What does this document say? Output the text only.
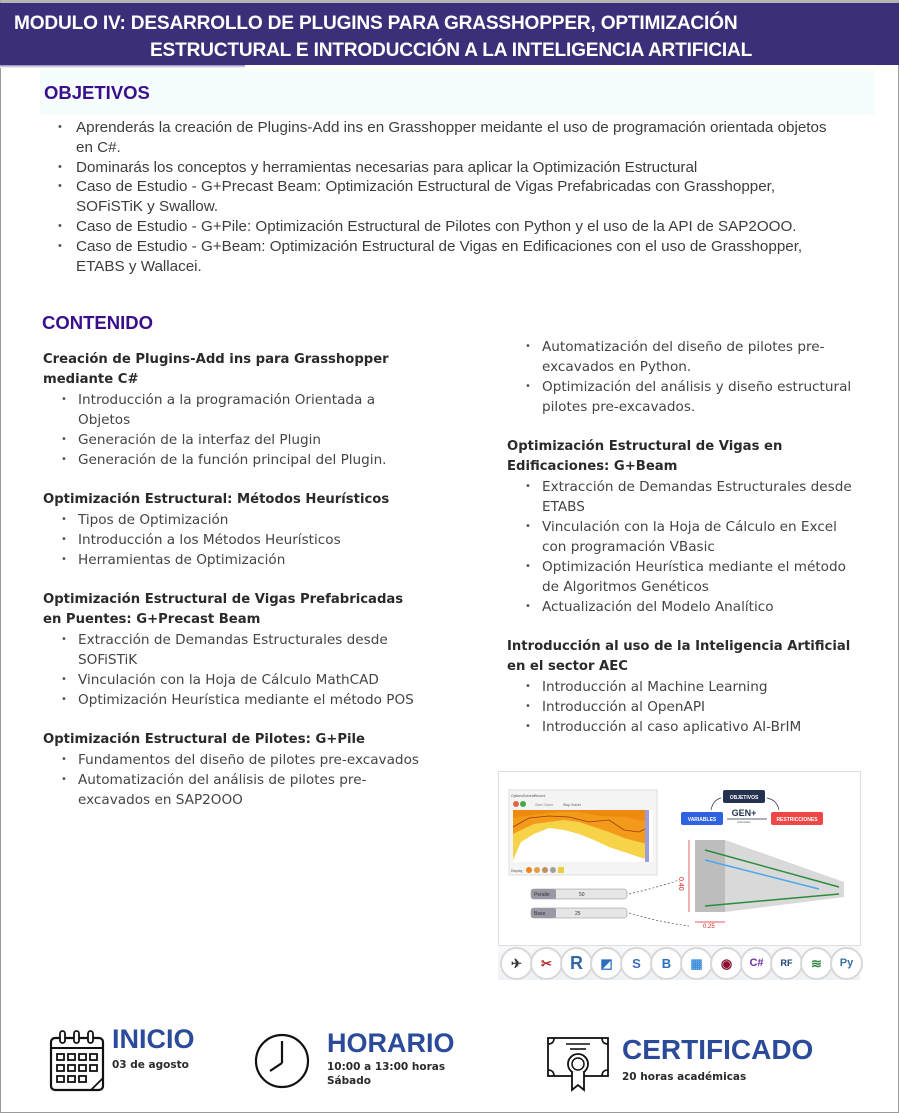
MODULO IV: DESARROLLO DE PLUGINS PARA GRASSHOPPER, OPTIMIZACIÓN
ESTRUCTURAL E INTRODUCCIÓN A LA INTELIGENCIA ARTIFICIAL
OBJETIVOS
• Aprenderás la creación de Plugins-Add ins en Grasshopper meidante el uso de programación orientada objetos en C#.
• Dominarás los conceptos y herramientas necesarias para aplicar la Optimización Estructural
• Caso de Estudio - G+Precast Beam: Optimización Estructural de Vigas Prefabricadas con Grasshopper, SOFiSTiK y Swallow.
• Caso de Estudio - G+Pile: Optimización Estructural de Pilotes con Python y el uso de la API de SAP2OOO.
• Caso de Estudio - G+Beam: Optimización Estructural de Vigas en Edificaciones con el uso de Grasshopper, ETABS y Wallacei.
CONTENIDO
Creación de Plugins-Add ins para Grasshopper mediante C#
• Introducción a la programación Orientada a Objetos
• Generación de la interfaz del Plugin
• Generación de la función principal del Plugin.
Optimización Estructural: Métodos Heurísticos
• Tipos de Optimización
• Introducción a los Métodos Heurísticos
• Herramientas de Optimización
Optimización Estructural de Vigas Prefabricadas en Puentes: G+Precast Beam
• Extracción de Demandas Estructurales desde SOFiSTiK
• Vinculación con la Hoja de Cálculo MathCAD
• Optimización Heurística mediante el método POS
Optimización Estructural de Pilotes: G+Pile
• Fundamentos del diseño de pilotes pre-excavados
• Automatización del análisis de pilotes pre-excavados en SAP2OOO
• Automatización del diseño de pilotes pre-excavados en Python.
• Optimización del análisis y diseño estructural pilotes pre-excavados.
Optimización Estructural de Vigas en Edificaciones: G+Beam
• Extracción de Demandas Estructurales desde ETABS
• Vinculación con la Hoja de Cálculo en Excel con programación VBasic
• Optimización Heurística mediante el método de Algoritmos Genéticos
• Actualización del Modelo Analítico
Introducción al uso de la Inteligencia Artificial en el sector AEC
• Introducción al Machine Learning
• Introducción al OpenAPI
• Introducción al caso aplicativo AI-BrIM
Options Solvers Record
Start Solver	Stop Solver
Display
OBJETIVOS
VARIABLES	RESTRICCIONES
GEN+
Optimization
0.40
0.25
Peralte	50
Base	25
✈	✂	R	◩	S	B	▦	◉	C#	RF	≋	Py
INICIO
03 de agosto
HORARIO
10:00 a 13:00 horas
Sábado
CERTIFICADO
20 horas académicas
